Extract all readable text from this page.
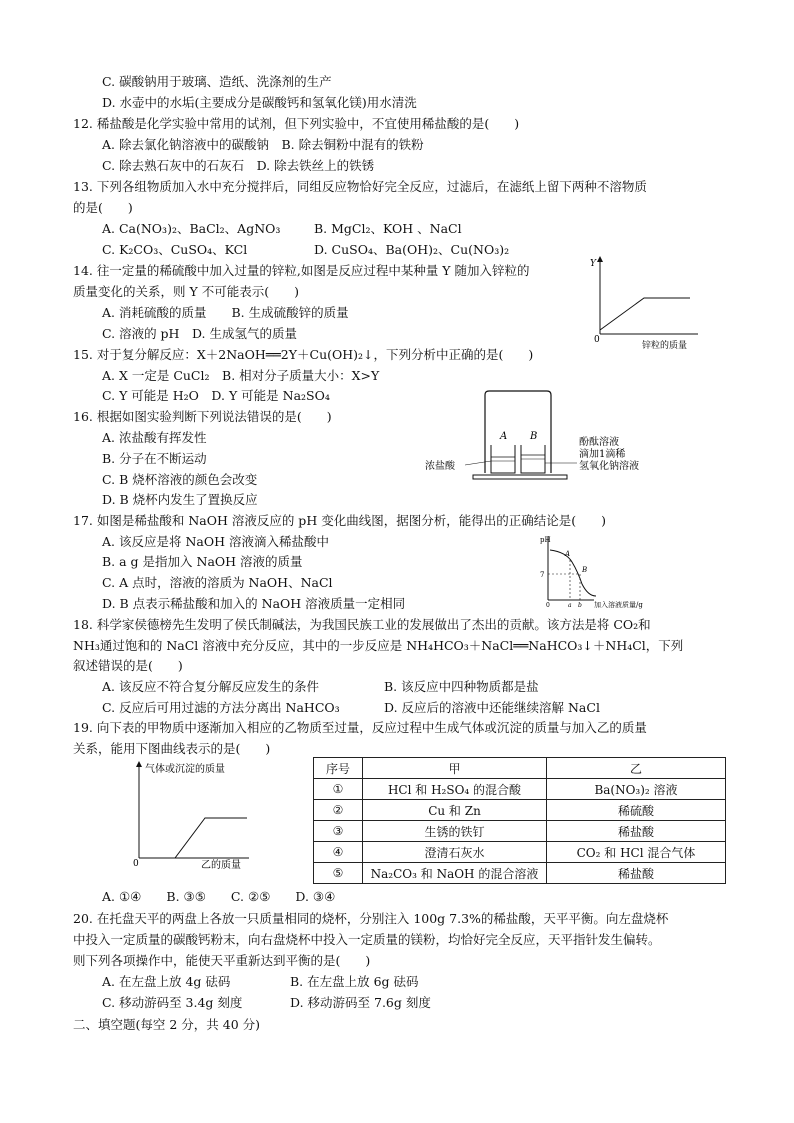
C. 碳酸钠用于玻璃、造纸、洗涤剂的生产
D. 水壶中的水垢(主要成分是碳酸钙和氢氧化镁)用水清洗
12. 稀盐酸是化学实验中常用的试剂，但下列实验中，不宜使用稀盐酸的是(　　)
A. 除去氯化钠溶液中的碳酸钠　B. 除去铜粉中混有的铁粉
C. 除去熟石灰中的石灰石　D. 除去铁丝上的铁锈
13. 下列各组物质加入水中充分搅拌后，同组反应物恰好完全反应，过滤后，在滤纸上留下两种不溶物质
的是(　　)
A. Ca(NO₃)₂、BaCl₂、AgNO₃	B. MgCl₂、KOH 、NaCl
C. K₂CO₃、CuSO₄、KCl	D. CuSO₄、Ba(OH)₂、Cu(NO₃)₂
14. 往一定量的稀硫酸中加入过量的锌粒,如图是反应过程中某种量 Y 随加入锌粒的
质量变化的关系，则 Y 不可能表示(　　)
A. 消耗硫酸的质量　　B. 生成硫酸锌的质量
C. 溶液的 pH　D. 生成氢气的质量
15. 对于复分解反应：X＋2NaOH══2Y＋Cu(OH)₂↓，下列分析中正确的是(　　)
A. X 一定是 CuCl₂　B. 相对分子质量大小：X>Y
C. Y 可能是 H₂O　D. Y 可能是 Na₂SO₄
16. 根据如图实验判断下列说法错误的是(　　)
A. 浓盐酸有挥发性
B. 分子在不断运动
C. B 烧杯溶液的颜色会改变
D. B 烧杯内发生了置换反应
17. 如图是稀盐酸和 NaOH 溶液反应的 pH 变化曲线图，据图分析，能得出的正确结论是(　　)
A. 该反应是将 NaOH 溶液滴入稀盐酸中
B. a g 是指加入 NaOH 溶液的质量
C. A 点时，溶液的溶质为 NaOH、NaCl
D. B 点表示稀盐酸和加入的 NaOH 溶液质量一定相同
18. 科学家侯德榜先生发明了侯氏制碱法，为我国民族工业的发展做出了杰出的贡献。该方法是将 CO₂和
NH₃通过饱和的 NaCl 溶液中充分反应，其中的一步反应是 NH₄HCO₃＋NaCl══NaHCO₃↓＋NH₄Cl，下列
叙述错误的是(　　)
A. 该反应不符合复分解反应发生的条件	B. 该反应中四种物质都是盐
C. 反应后可用过滤的方法分离出 NaHCO₃	D. 反应后的溶液中还能继续溶解 NaCl
19. 向下表的甲物质中逐渐加入相应的乙物质至过量，反应过程中生成气体或沉淀的质量与加入乙的质量
关系，能用下图曲线表示的是(　　)
A. ①④　　B. ③⑤　　C. ②⑤　　D. ③④
20. 在托盘天平的两盘上各放一只质量相同的烧杯，分别注入 100g 7.3%的稀盐酸，天平平衡。向左盘烧杯
中投入一定质量的碳酸钙粉末，向右盘烧杯中投入一定质量的镁粉，均恰好完全反应，天平指针发生偏转。
则下列各项操作中，能使天平重新达到平衡的是(　　)
A. 在左盘上放 4g 砝码	B. 在左盘上放 6g 砝码
C. 移动游码至 3.4g 刻度	D. 移动游码至 7.6g 刻度
二、填空题(每空 2 分，共 40 分)
Y
0
锌粒的质量
A B
浓盐酸
酚酞溶液
滴加1滴稀
氢氧化钠溶液
pH
7
A
B
0	a b 加入溶液质量/g
气体或沉淀的质量
0	乙的质量
序号	甲	乙
①	HCl 和 H₂SO₄ 的混合酸	Ba(NO₃)₂ 溶液
②	Cu 和 Zn	稀硫酸
③	生锈的铁钉	稀盐酸
④	澄清石灰水	CO₂ 和 HCl 混合气体
⑤	Na₂CO₃ 和 NaOH 的混合溶液	稀盐酸
